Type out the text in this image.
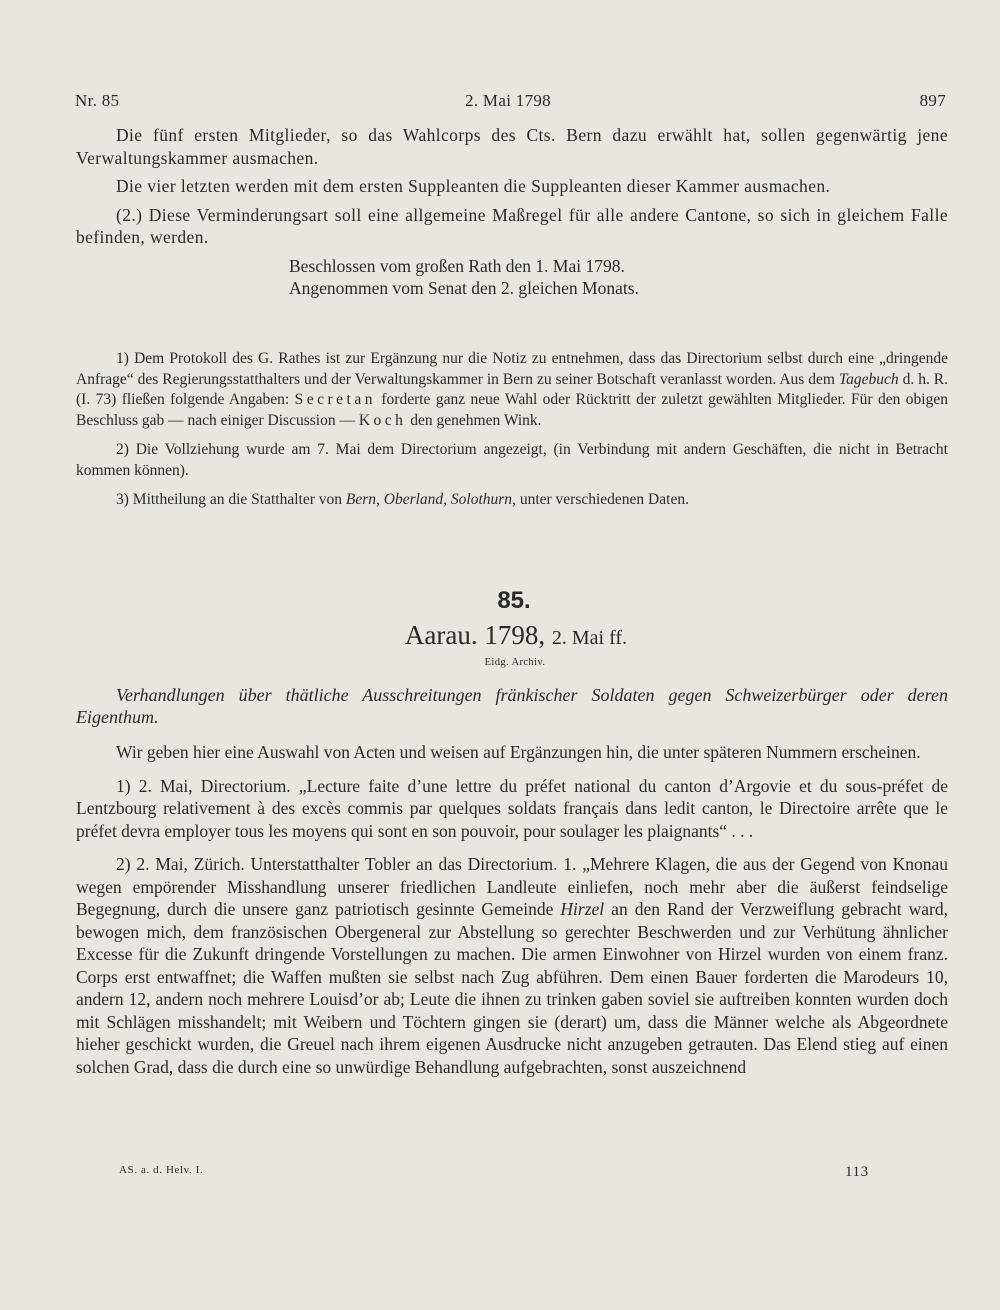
Nr. 85	2. Mai 1798	897

Die fünf ersten Mitglieder, so das Wahlcorps des Cts. Bern dazu erwählt hat, sollen gegenwärtig jene Verwaltungskammer ausmachen.

Die vier letzten werden mit dem ersten Suppleanten die Suppleanten dieser Kammer ausmachen.

(2.) Diese Verminderungsart soll eine allgemeine Maßregel für alle andere Cantone, so sich in gleichem Falle befinden, werden.

Beschlossen vom großen Rath den 1. Mai 1798.

Angenommen vom Senat den 2. gleichen Monats.

1) Dem Protokoll des G. Rathes ist zur Ergänzung nur die Notiz zu entnehmen, dass das Directorium selbst durch eine „dringende Anfrage“ des Regierungsstatthalters und der Verwaltungskammer in Bern zu seiner Botschaft veranlasst worden. Aus dem Tagebuch d. h. R. (I. 73) fließen folgende Angaben: Secretan forderte ganz neue Wahl oder Rücktritt der zuletzt gewählten Mitglieder. Für den obigen Beschluss gab — nach einiger Discussion — Koch den genehmen Wink.

2) Die Vollziehung wurde am 7. Mai dem Directorium angezeigt, (in Verbindung mit andern Geschäften, die nicht in Betracht kommen können).

3) Mittheilung an die Statthalter von Bern, Oberland, Solothurn, unter verschiedenen Daten.

85.
Aarau. 1798, 2. Mai ff.
Eidg. Archiv.

Verhandlungen über thätliche Ausschreitungen fränkischer Soldaten gegen Schweizerbürger oder deren Eigenthum.

Wir geben hier eine Auswahl von Acten und weisen auf Ergänzungen hin, die unter späteren Nummern erscheinen.

1) 2. Mai, Directorium. „Lecture faite d’une lettre du préfet national du canton d’Argovie et du sous-préfet de Lentzbourg relativement à des excès commis par quelques soldats français dans ledit canton, le Directoire arrête que le préfet devra employer tous les moyens qui sont en son pouvoir, pour soulager les plaignants“ . . .

2) 2. Mai, Zürich. Unterstatthalter Tobler an das Directorium. 1. „Mehrere Klagen, die aus der Gegend von Knonau wegen empörender Misshandlung unserer friedlichen Landleute einliefen, noch mehr aber die äußerst feindselige Begegnung, durch die unsere ganz patriotisch gesinnte Gemeinde Hirzel an den Rand der Verzweiflung gebracht ward, bewogen mich, dem französischen Obergeneral zur Abstellung so gerechter Beschwerden und zur Verhütung ähnlicher Excesse für die Zukunft dringende Vorstellungen zu machen. Die armen Einwohner von Hirzel wurden von einem franz. Corps erst entwaffnet; die Waffen mußten sie selbst nach Zug abführen. Dem einen Bauer forderten die Marodeurs 10, andern 12, andern noch mehrere Louisd’or ab; Leute die ihnen zu trinken gaben soviel sie auftreiben konnten wurden doch mit Schlägen misshandelt; mit Weibern und Töchtern gingen sie (derart) um, dass die Männer welche als Abgeordnete hieher geschickt wurden, die Greuel nach ihrem eigenen Ausdrucke nicht anzugeben getrauten. Das Elend stieg auf einen solchen Grad, dass die durch eine so unwürdige Behandlung aufgebrachten, sonst auszeichnend

AS. a. d. Helv. I.	113
